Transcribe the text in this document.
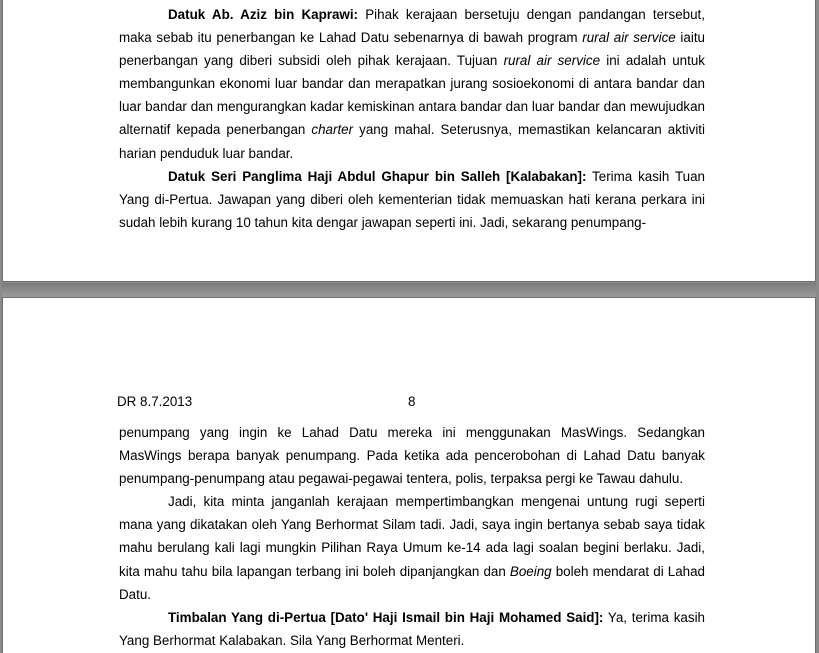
Datuk Ab. Aziz bin Kaprawi: Pihak kerajaan bersetuju dengan pandangan tersebut, maka sebab itu penerbangan ke Lahad Datu sebenarnya di bawah program rural air service iaitu penerbangan yang diberi subsidi oleh pihak kerajaan. Tujuan rural air service ini adalah untuk membangunkan ekonomi luar bandar dan merapatkan jurang sosioekonomi di antara bandar dan luar bandar dan mengurangkan kadar kemiskinan antara bandar dan luar bandar dan mewujudkan alternatif kepada penerbangan charter yang mahal. Seterusnya, memastikan kelancaran aktiviti harian penduduk luar bandar.

Datuk Seri Panglima Haji Abdul Ghapur bin Salleh [Kalabakan]: Terima kasih Tuan Yang di-Pertua. Jawapan yang diberi oleh kementerian tidak memuaskan hati kerana perkara ini sudah lebih kurang 10 tahun kita dengar jawapan seperti ini. Jadi, sekarang penumpang-

DR 8.7.2013	8

penumpang yang ingin ke Lahad Datu mereka ini menggunakan MasWings. Sedangkan MasWings berapa banyak penumpang. Pada ketika ada pencerobohan di Lahad Datu banyak penumpang-penumpang atau pegawai-pegawai tentera, polis, terpaksa pergi ke Tawau dahulu.

Jadi, kita minta janganlah kerajaan mempertimbangkan mengenai untung rugi seperti mana yang dikatakan oleh Yang Berhormat Silam tadi. Jadi, saya ingin bertanya sebab saya tidak mahu berulang kali lagi mungkin Pilihan Raya Umum ke-14 ada lagi soalan begini berlaku. Jadi, kita mahu tahu bila lapangan terbang ini boleh dipanjangkan dan Boeing boleh mendarat di Lahad Datu.

Timbalan Yang di-Pertua [Dato' Haji Ismail bin Haji Mohamed Said]: Ya, terima kasih Yang Berhormat Kalabakan. Sila Yang Berhormat Menteri.
